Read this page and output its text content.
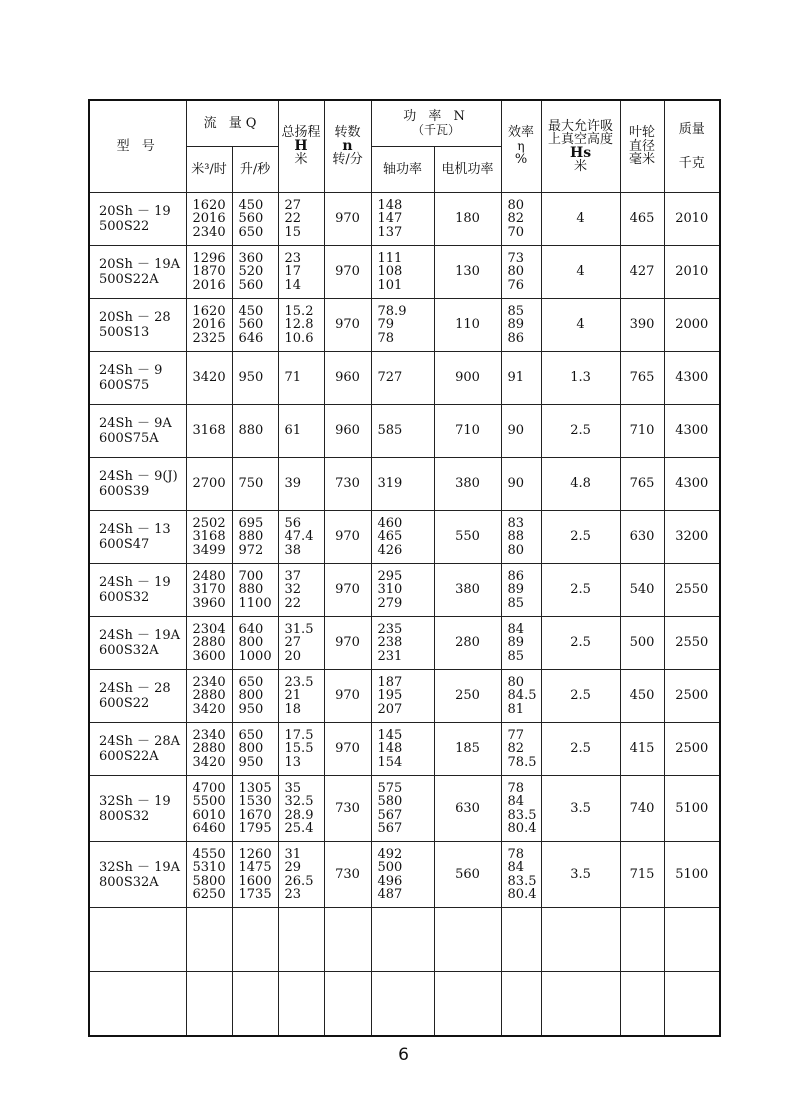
型 号	流 量Q		总扬程
H
米	转数
n
转/分	功 率 N
（千瓦）		效率
η
%	最大允许吸
上真空高度
Hs
米	叶轮
直径
毫米	质量
千克

	米³/时	升/秒			轴功率	电机功率				

20Sh － 19
500S22	1620
2016
2340	450
560
650	27
22
15	970	148
147
137	180	80
82
70	4	465	2010

20Sh － 19A
500S22A	1296
1870
2016	360
520
560	23
17
14	970	111
108
101	130	73
80
76	4	427	2010

20Sh － 28
500S13	1620
2016
2325	450
560
646	15.2
12.8
10.6	970	78.9
79
78	110	85
89
86	4	390	2000

24Sh － 9
600S75	3420	950	71	960	727	900	91	1.3	765	4300

24Sh － 9A
600S75A	3168	880	61	960	585	710	90	2.5	710	4300

24Sh － 9(J)
600S39	2700	750	39	730	319	380	90	4.8	765	4300

24Sh － 13
600S47	2502
3168
3499	695
880
972	56
47.4
38	970	460
465
426	550	83
88
80	2.5	630	3200

24Sh － 19
600S32	2480
3170
3960	700
880
1100	37
32
22	970	295
310
279	380	86
89
85	2.5	540	2550

24Sh － 19A
600S32A	2304
2880
3600	640
800
1000	31.5
27
20	970	235
238
231	280	84
89
85	2.5	500	2550

24Sh － 28
600S22	2340
2880
3420	650
800
950	23.5
21
18	970	187
195
207	250	80
84.5
81	2.5	450	2500

24Sh － 28A
600S22A	2340
2880
3420	650
800
950	17.5
15.5
13	970	145
148
154	185	77
82
78.5	2.5	415	2500

32Sh － 19
800S32	4700
5500
6010
6460	1305
1530
1670
1795	35
32.5
28.9
25.4	730	575
580
567
567	630	78
84
83.5
80.4	3.5	740	5100

32Sh － 19A
800S32A	4550
5310
5800
6250	1260
1475
1600
1735	31
29
26.5
23	730	492
500
496
487	560	78
84
83.5
80.4	3.5	715	5100

6
